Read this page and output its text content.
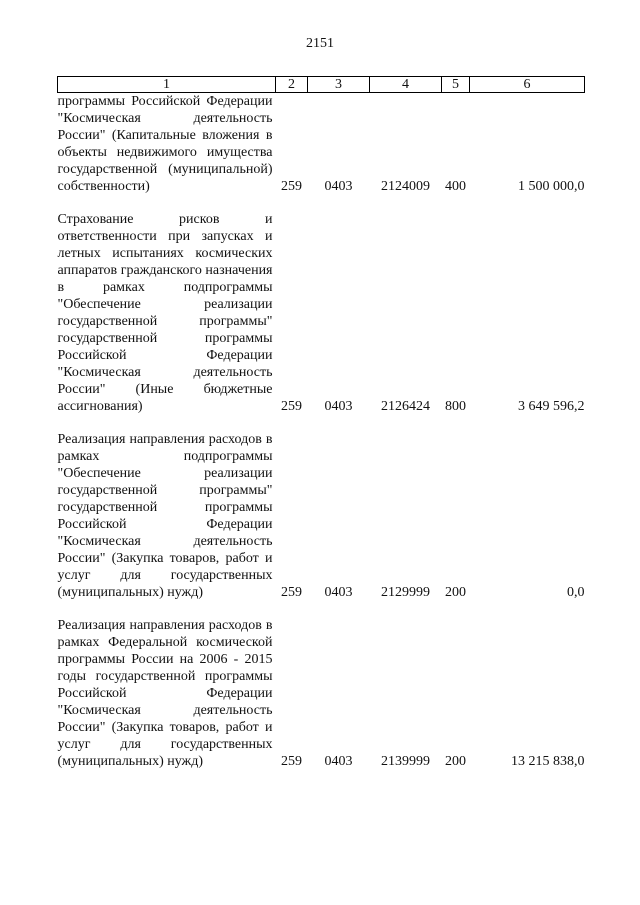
2151
1	2	3	4	5	6
программы Российской Федерации "Космическая деятельность России" (Капитальные вложения в объекты недвижимого имущества государственной (муниципальной) собственности)	259	0403	2124009	400	1 500 000,0

Страхование рисков и ответственности при запусках и летных испытаниях космических аппаратов гражданского назначения в рамках подпрограммы "Обеспечение реализации государственной программы" государственной программы Российской Федерации "Космическая деятельность России" (Иные бюджетные ассигнования)	259	0403	2126424	800	3 649 596,2

Реализация направления расходов в рамках подпрограммы "Обеспечение реализации государственной программы" государственной программы Российской Федерации "Космическая деятельность России" (Закупка товаров, работ и услуг для государственных (муниципальных) нужд)	259	0403	2129999	200	0,0

Реализация направления расходов в рамках Федеральной космической программы России на 2006 - 2015 годы государственной программы Российской Федерации "Космическая деятельность России" (Закупка товаров, работ и услуг для государственных (муниципальных) нужд)	259	0403	2139999	200	13 215 838,0
